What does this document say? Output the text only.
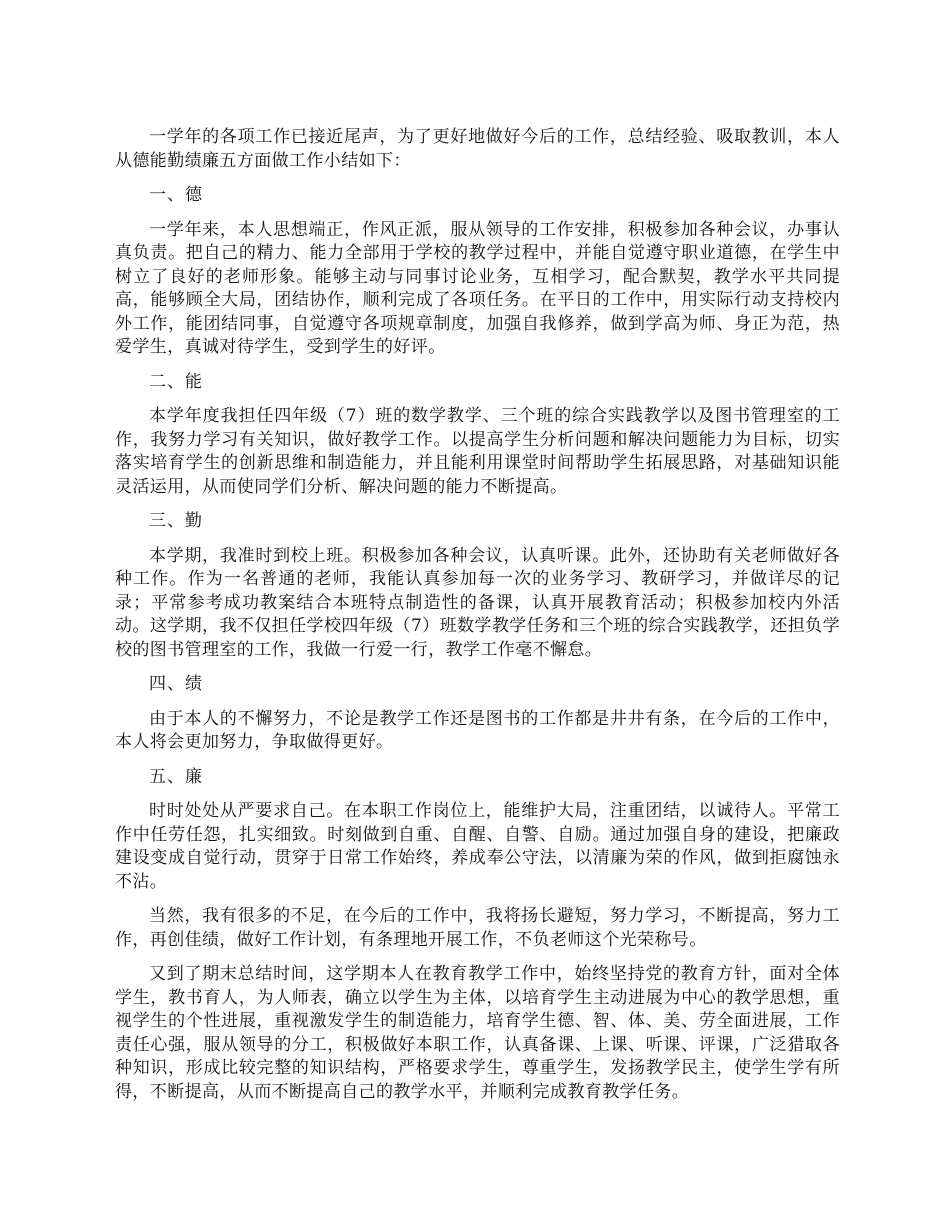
一学年的各项工作已接近尾声，为了更好地做好今后的工作，总结经验、吸取教训，本人从德能勤绩廉五方面做工作小结如下：

一、德

一学年来，本人思想端正，作风正派，服从领导的工作安排，积极参加各种会议，办事认真负责。把自己的精力、能力全部用于学校的教学过程中，并能自觉遵守职业道德，在学生中树立了良好的老师形象。能够主动与同事讨论业务，互相学习，配合默契，教学水平共同提高，能够顾全大局，团结协作，顺利完成了各项任务。在平日的工作中，用实际行动支持校内外工作，能团结同事，自觉遵守各项规章制度，加强自我修养，做到学高为师、身正为范，热爱学生，真诚对待学生，受到学生的好评。

二、能

本学年度我担任四年级（7）班的数学教学、三个班的综合实践教学以及图书管理室的工作，我努力学习有关知识，做好教学工作。以提高学生分析问题和解决问题能力为目标，切实落实培育学生的创新思维和制造能力，并且能利用课堂时间帮助学生拓展思路，对基础知识能灵活运用，从而使同学们分析、解决问题的能力不断提高。

三、勤

本学期，我准时到校上班。积极参加各种会议，认真听课。此外，还协助有关老师做好各种工作。作为一名普通的老师，我能认真参加每一次的业务学习、教研学习，并做详尽的记录；平常参考成功教案结合本班特点制造性的备课，认真开展教育活动；积极参加校内外活动。这学期，我不仅担任学校四年级（7）班数学教学任务和三个班的综合实践教学，还担负学校的图书管理室的工作，我做一行爱一行，教学工作毫不懈怠。

四、绩

由于本人的不懈努力，不论是教学工作还是图书的工作都是井井有条，在今后的工作中，本人将会更加努力，争取做得更好。

五、廉

时时处处从严要求自己。在本职工作岗位上，能维护大局，注重团结，以诚待人。平常工作中任劳任怨，扎实细致。时刻做到自重、自醒、自警、自励。通过加强自身的建设，把廉政建设变成自觉行动，贯穿于日常工作始终，养成奉公守法，以清廉为荣的作风，做到拒腐蚀永不沾。

当然，我有很多的不足，在今后的工作中，我将扬长避短，努力学习，不断提高，努力工作，再创佳绩，做好工作计划，有条理地开展工作，不负老师这个光荣称号。

又到了期末总结时间，这学期本人在教育教学工作中，始终坚持党的教育方针，面对全体学生，教书育人，为人师表，确立以学生为主体，以培育学生主动进展为中心的教学思想，重视学生的个性进展，重视激发学生的制造能力，培育学生德、智、体、美、劳全面进展，工作责任心强，服从领导的分工，积极做好本职工作，认真备课、上课、听课、评课，广泛猎取各种知识，形成比较完整的知识结构，严格要求学生，尊重学生，发扬教学民主，使学生学有所得，不断提高，从而不断提高自己的教学水平，并顺利完成教育教学任务。
